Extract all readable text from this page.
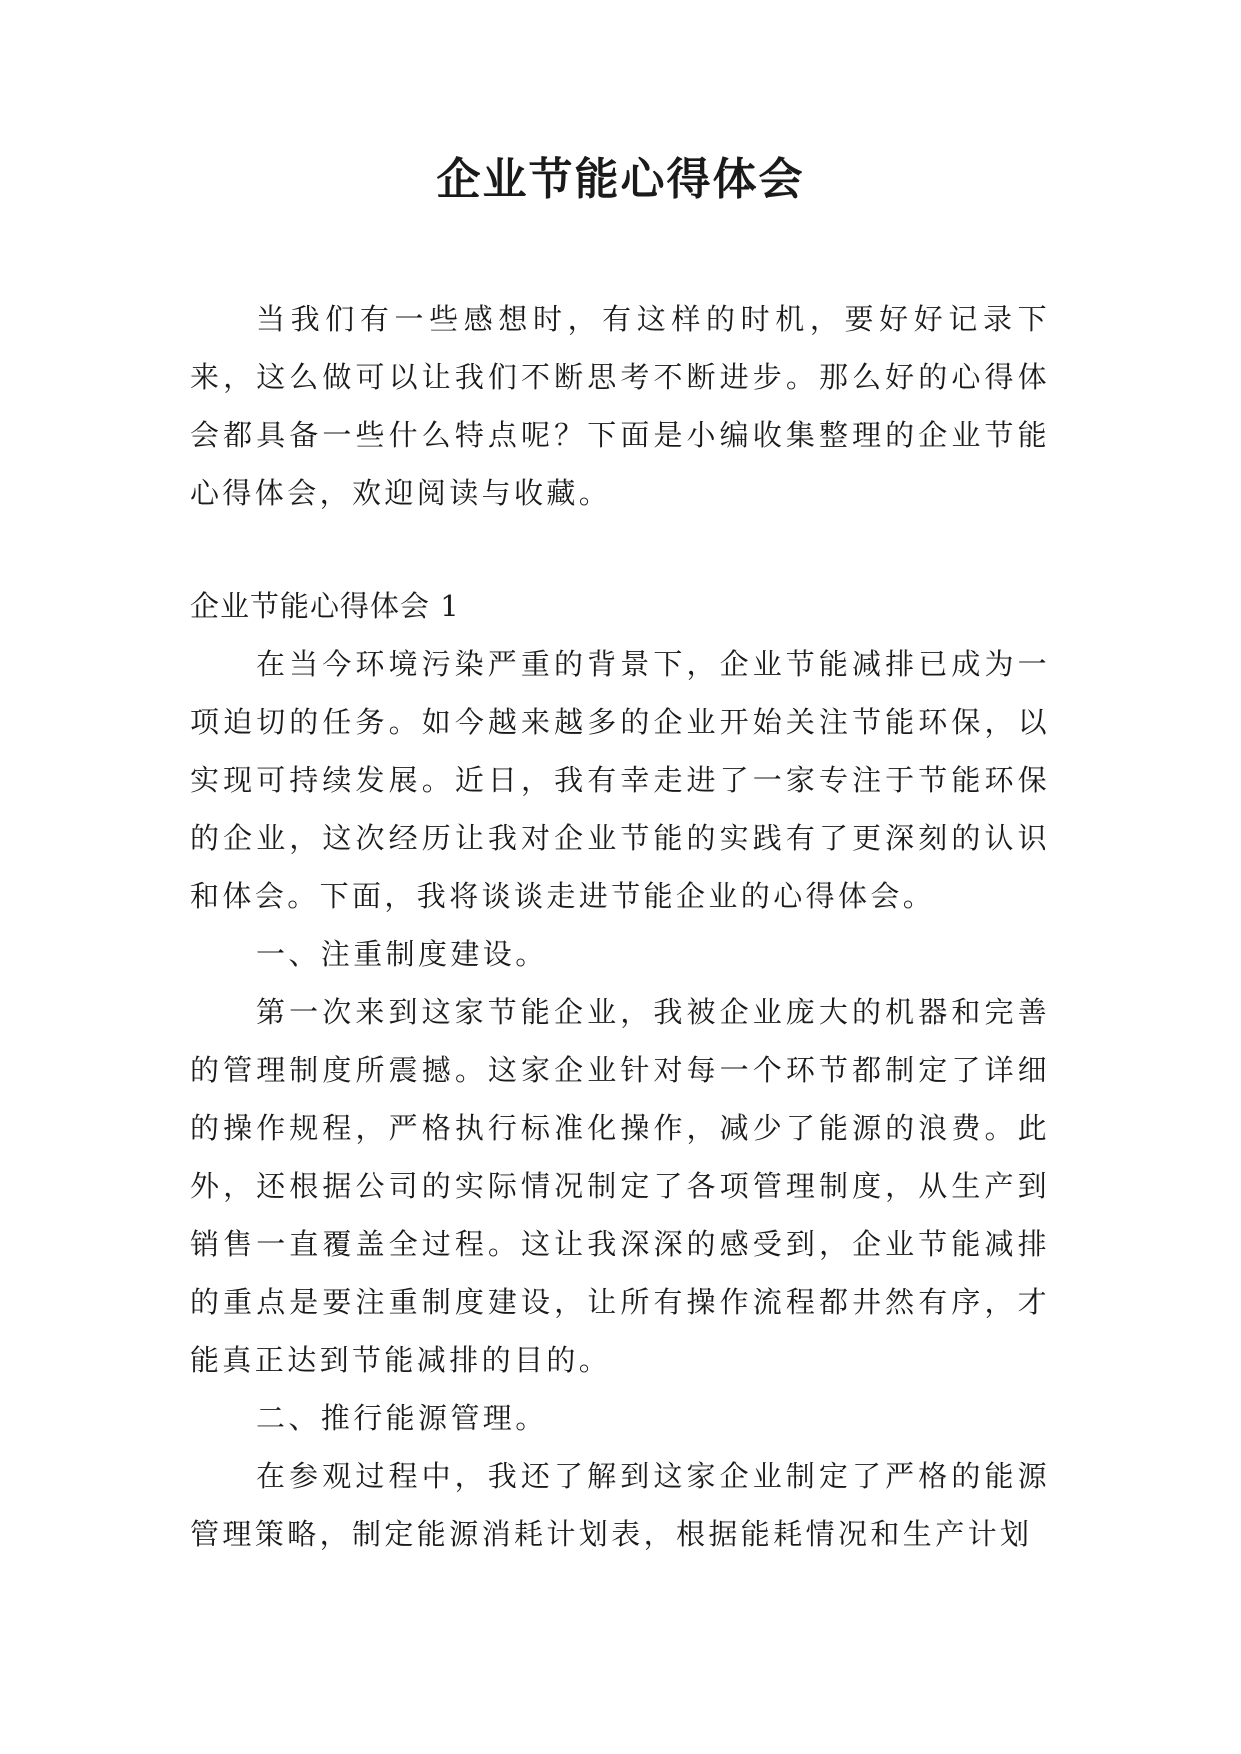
企业节能心得体会

当我们有一些感想时，有这样的时机，要好好记录下来，这么做可以让我们不断思考不断进步。那么好的心得体会都具备一些什么特点呢？下面是小编收集整理的企业节能心得体会，欢迎阅读与收藏。

企业节能心得体会 1

在当今环境污染严重的背景下，企业节能减排已成为一项迫切的任务。如今越来越多的企业开始关注节能环保，以实现可持续发展。近日，我有幸走进了一家专注于节能环保的企业，这次经历让我对企业节能的实践有了更深刻的认识和体会。下面，我将谈谈走进节能企业的心得体会。

一、注重制度建设。

第一次来到这家节能企业，我被企业庞大的机器和完善的管理制度所震撼。这家企业针对每一个环节都制定了详细的操作规程，严格执行标准化操作，减少了能源的浪费。此外，还根据公司的实际情况制定了各项管理制度，从生产到销售一直覆盖全过程。这让我深深的感受到，企业节能减排的重点是要注重制度建设，让所有操作流程都井然有序，才能真正达到节能减排的目的。

二、推行能源管理。

在参观过程中，我还了解到这家企业制定了严格的能源管理策略，制定能源消耗计划表，根据能耗情况和生产计划
